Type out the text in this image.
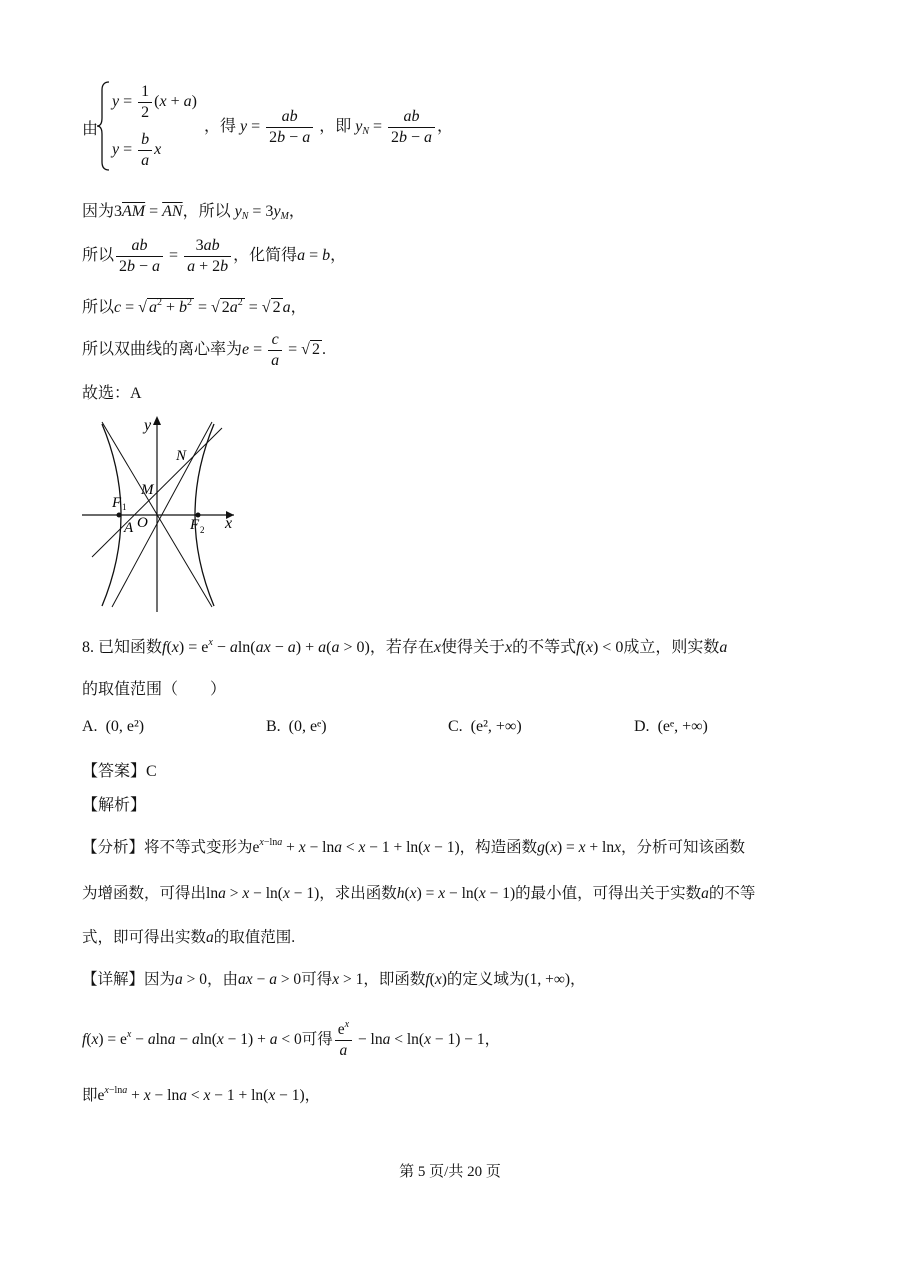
由
$y = \frac{1}{2} (x + a)$
$y = \frac{b}{a}$ x
，得 $y = \frac{ab}{2b - a}$ ，即 $y_N = \frac{ab}{2b - a}$ ，
因为$3\overline{AM} = \overline{AN}$，所以 $y_N = 3y_M$，
所以 $\frac{ab}{2b - a} = \frac{3ab}{a + 2b}$ ，化简得a = b，
所以c = √ $a^2 + b^2$ = √ $2a^2$ = √ 2 a，
所以双曲线的离心率为$e = \frac{c}{a}$ = √ 2 .
故选：A
y
x
N
M
F 1
F 2
A O
8. 已知函数$f(x) = e^x - aln(ax - a) + a(a > 0)$，若存在x使得关于x的不等式f(x) < 0成立，则实数a
的取值范围（　　）
A. (0, e²)	B. (0, eᵉ)	C. (e², +∞)	D. (eᵉ, +∞)
【答案】C
【解析】
【分析】将不等式变形为$e^{x-lna} + x - \ln a < x - 1 + \ln(x - 1)$，构造函数g(x) = x + lnx，分析可知该函数
为增函数，可得出lna > x − ln(x − 1)，求出函数h(x) = x − ln(x − 1)的最小值，可得出关于实数a的不等
式，即可得出实数a的取值范围.
【详解】因为a > 0，由ax − a > 0可得x > 1，即函数f(x)的定义域为(1, +∞)，
$f(x) = e^x - alna - aln(x - 1) + a < 0$可得 $\frac{e^x}{a} - \ln a < \ln(x - 1) - 1$，
即$e^{x-lna} + x - \ln a < x - 1 + \ln(x - 1)$，
第 5 页/共 20 页
